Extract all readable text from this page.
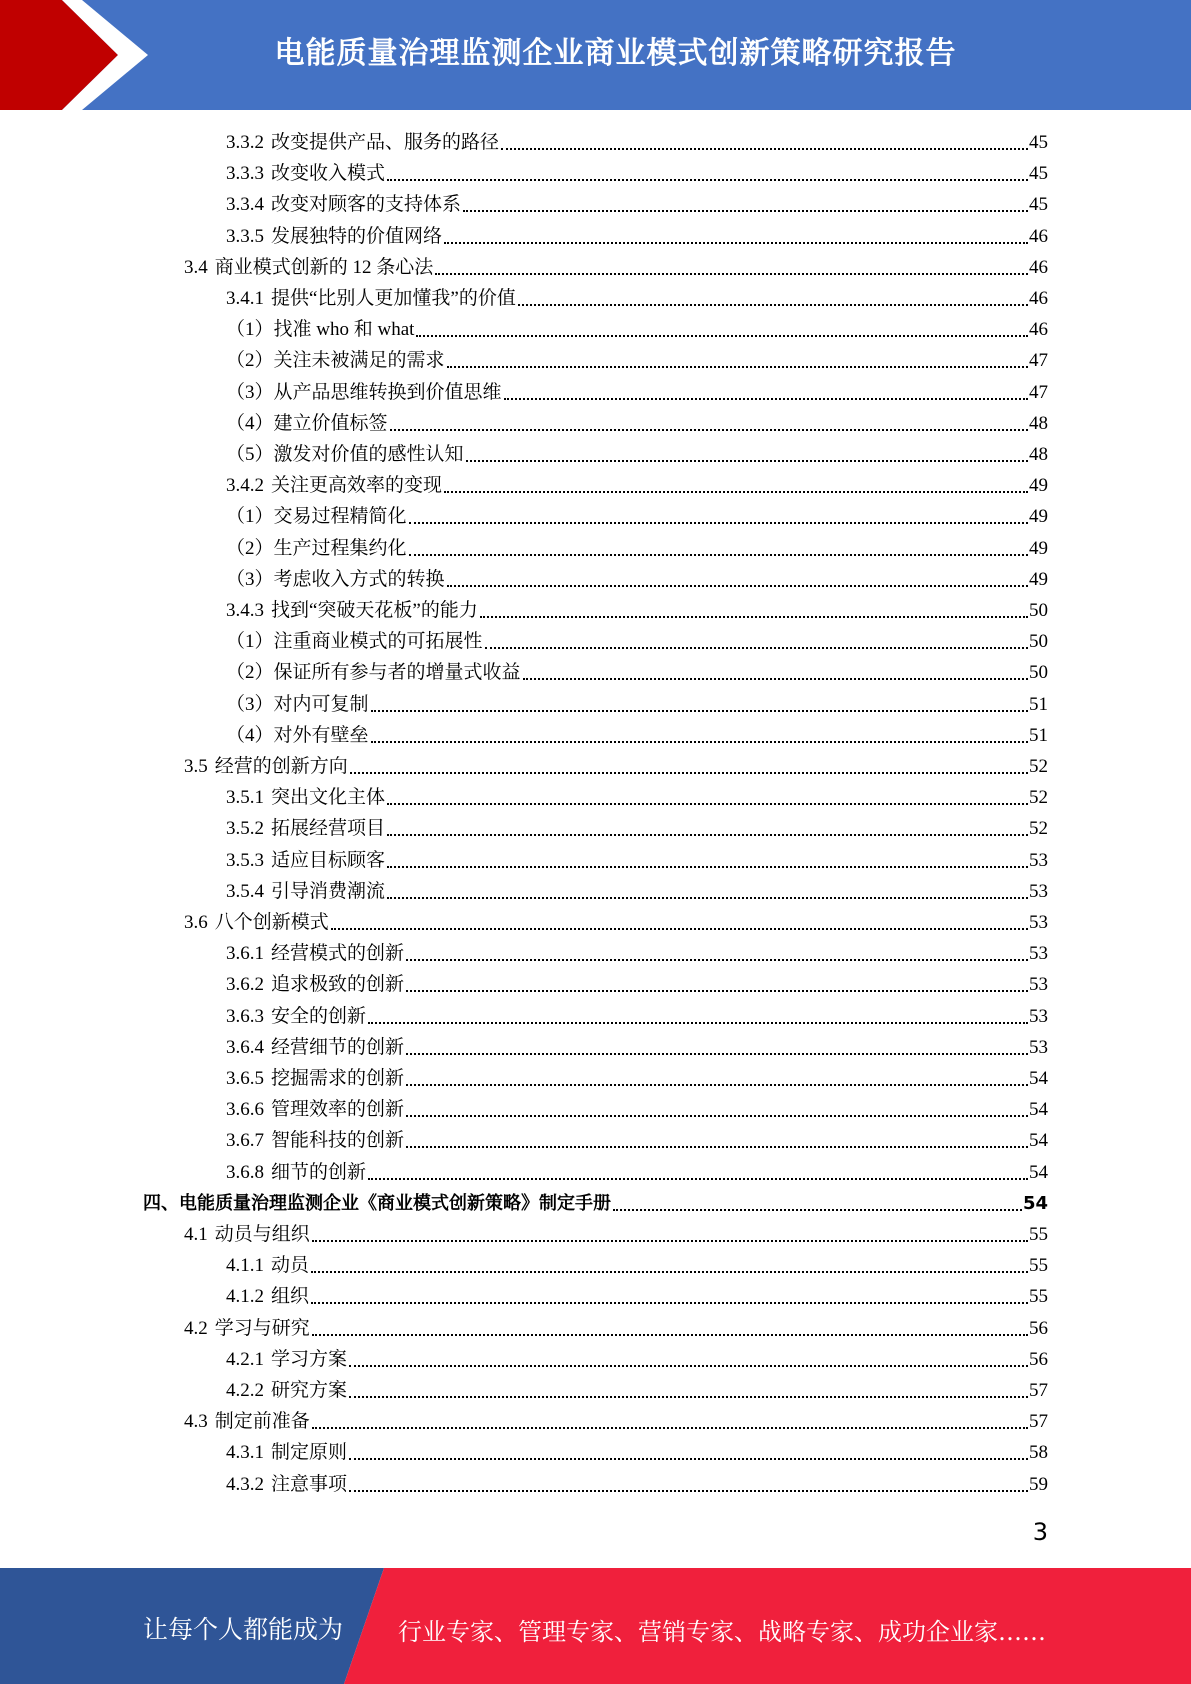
电能质量治理监测企业商业模式创新策略研究报告
3.3.2 改变提供产品、服务的路径	45
3.3.3 改变收入模式	45
3.3.4 改变对顾客的支持体系	45
3.3.5 发展独特的价值网络	46
3.4 商业模式创新的 12 条心法	46
3.4.1 提供“比别人更加懂我”的价值	46
（1）找准 who 和 what	46
（2）关注未被满足的需求	47
（3）从产品思维转换到价值思维	47
（4）建立价值标签	48
（5）激发对价值的感性认知	48
3.4.2 关注更高效率的变现	49
（1）交易过程精简化	49
（2）生产过程集约化	49
（3）考虑收入方式的转换	49
3.4.3 找到“突破天花板”的能力	50
（1）注重商业模式的可拓展性	50
（2）保证所有参与者的增量式收益	50
（3）对内可复制	51
（4）对外有壁垒	51
3.5 经营的创新方向	52
3.5.1 突出文化主体	52
3.5.2 拓展经营项目	52
3.5.3 适应目标顾客	53
3.5.4 引导消费潮流	53
3.6 八个创新模式	53
3.6.1 经营模式的创新	53
3.6.2 追求极致的创新	53
3.6.3 安全的创新	53
3.6.4 经营细节的创新	53
3.6.5 挖掘需求的创新	54
3.6.6 管理效率的创新	54
3.6.7 智能科技的创新	54
3.6.8 细节的创新	54
四、电能质量治理监测企业《商业模式创新策略》制定手册	54
4.1 动员与组织	55
4.1.1 动员	55
4.1.2 组织	55
4.2 学习与研究	56
4.2.1 学习方案	56
4.2.2 研究方案	57
4.3 制定前准备	57
4.3.1 制定原则	58
4.3.2 注意事项	59
3
让每个人都能成为 行业专家、管理专家、营销专家、战略专家、成功企业家……
